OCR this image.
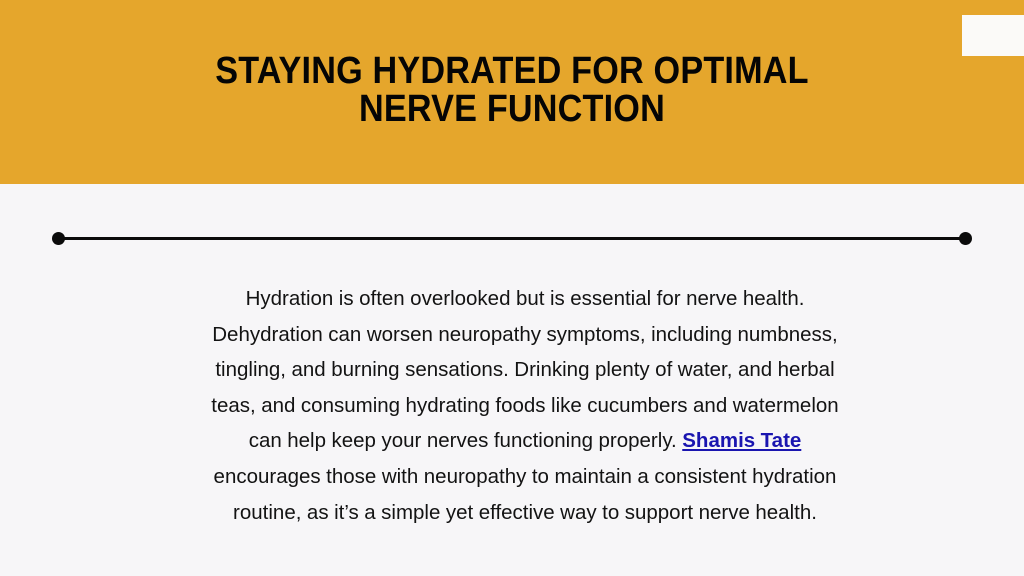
STAYING HYDRATED FOR OPTIMAL NERVE FUNCTION

Hydration is often overlooked but is essential for nerve health. Dehydration can worsen neuropathy symptoms, including numbness, tingling, and burning sensations. Drinking plenty of water, and herbal teas, and consuming hydrating foods like cucumbers and watermelon can help keep your nerves functioning properly. Shamis Tate encourages those with neuropathy to maintain a consistent hydration routine, as it’s a simple yet effective way to support nerve health.
